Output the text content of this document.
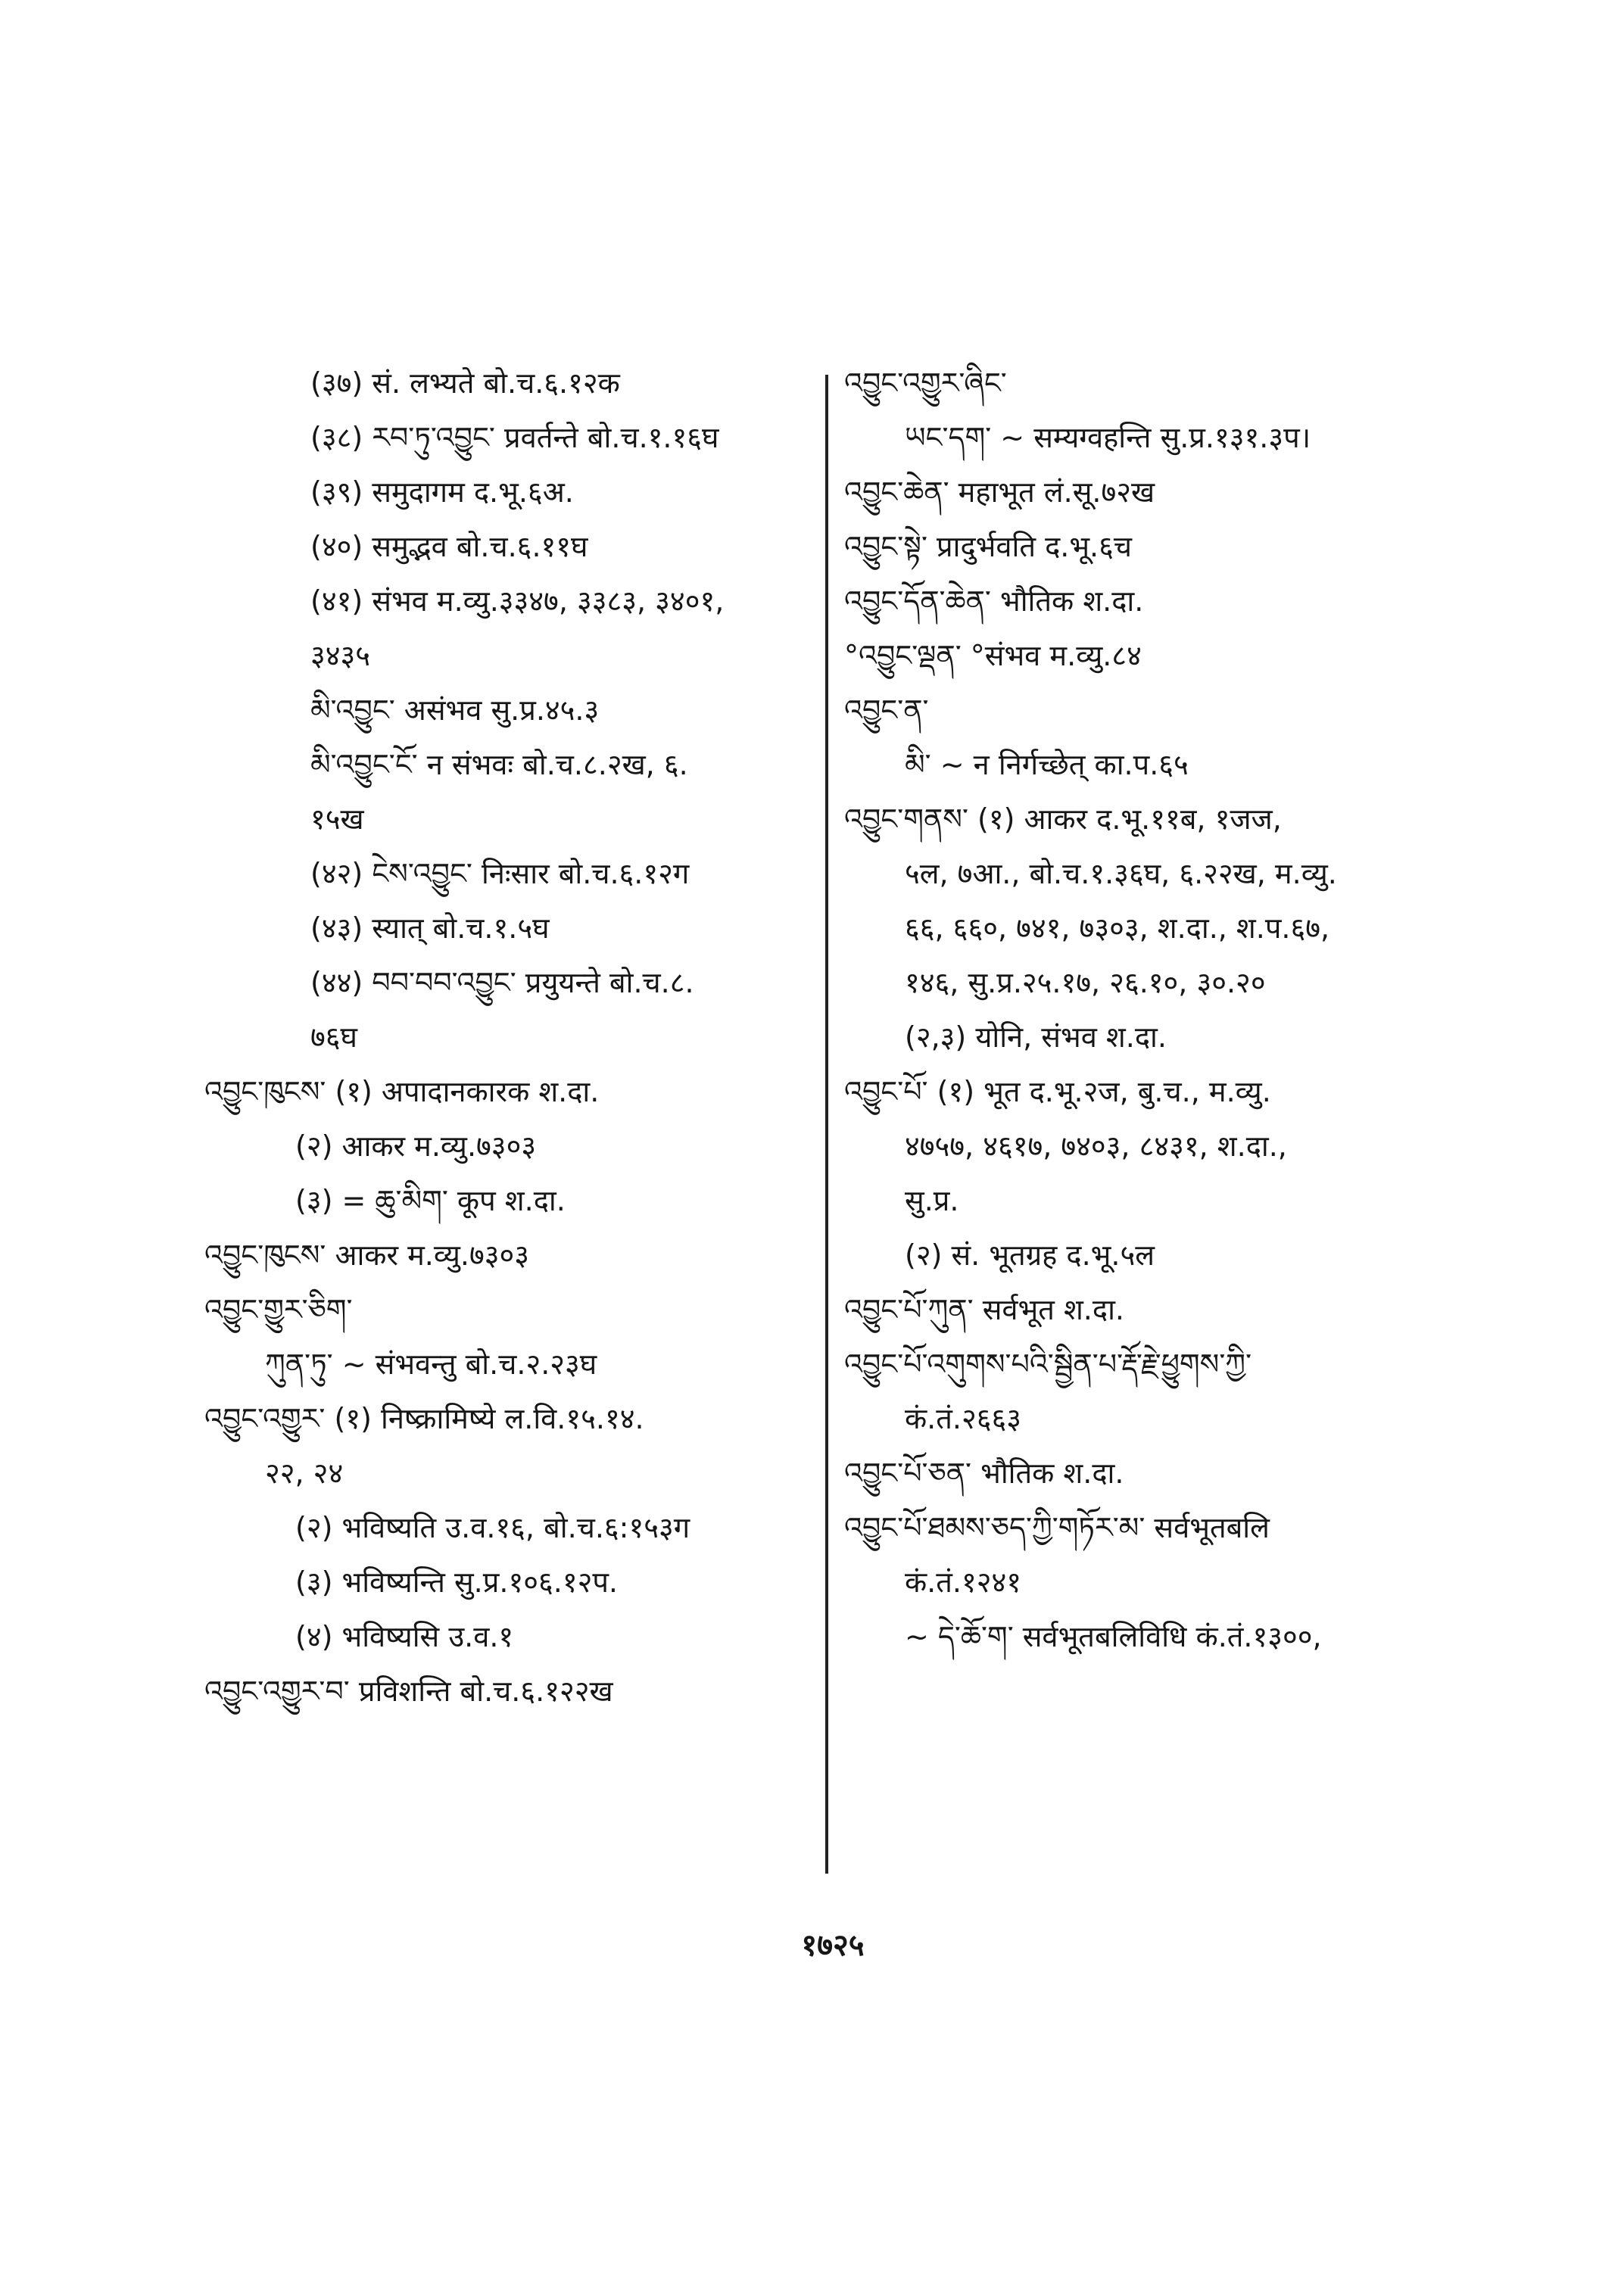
(३७) सं. लभ्यते बो.च.६.१२क
(३८) རབ་ཏུ་འབྱུང་ प्रवर्तन्ते बो.च.१.१६घ
(३९) समुदागम द.भू.६अ.
(४०) समुद्भव बो.च.६.११घ
(४१) संभव म.व्यु.३३४७, ३३८३, ३४०१,
३४३५
མི་འབྱུང་ असंभव सु.प्र.४५.३
མི་འབྱུང་ངོ་ न संभवः बो.च.८.२ख, ६.
१५ख
(४२) ངེས་འབྱུང་ निःसार बो.च.६.१२ग
(४३) स्यात् बो.च.१.५घ
(४४) བབ་བབ་འབྱུང་ प्रयुयन्ते बो.च.८.
७६घ
འབྱུང་ཁུངས་ (१) अपादानकारक श.दा.
(२) आकर म.व्यु.७३०३
(३) = ཆུ་མིག་ कूप श.दा.
འབྱུང་ཁུངས་ आकर म.व्यु.७३०३
འབྱུང་གྱུར་ཅིག་
ཀུན་ཏུ་ ~ संभवन्तु बो.च.२.२३घ
འབྱུང་འགྱུར་ (१) निष्क्रामिष्ये ल.वि.१५.१४.
२२, २४
(२) भविष्यति उ.व.१६, बो.च.६:१५३ग
(३) भविष्यन्ति सु.प्र.१०६.१२प.
(४) भविष्यसि उ.व.१
འབྱུང་འགྱུར་བ་ प्रविशन्ति बो.च.६.१२२ख
འབྱུང་འགྱུར་ཞིང་
ཡང་དག་ ~ सम्यग्वहन्ति सु.प्र.१३१.३प।
འབྱུང་ཆེན་ महाभूत लं.सू.७२ख
འབྱུང་སྟེ་ प्रादुर्भवति द.भू.६च
འབྱུང་དོན་ཆེན་ भौतिक श.दा.
°འབྱུང་ལྡན་ °संभव म.व्यु.८४
འབྱུང་ན་
མི་ ~ न निर्गच्छेत् का.प.६५
འབྱུང་གནས་ (१) आकर द.भू.११ब, १जज,
५ल, ७आ., बो.च.१.३६घ, ६.२२ख, म.व्यु.
६६, ६६०, ७४१, ७३०३, श.दा., श.प.६७,
१४६, सु.प्र.२५.१७, २६.१०, ३०.२०
(२,३) योनि, संभव श.दा.
འབྱུང་པོ་ (१) भूत द.भू.२ज, बु.च., म.व्यु.
४७५७, ४६१७, ७४०३, ८४३१, श.दा.,
सु.प्र.
(२) सं. भूतग्रह द.भू.५ल
འབྱུང་པོ་ཀུན་ सर्वभूत श.दा.
འབྱུང་པོ་འགུགས་པའི་སྦྱིན་པ་རྡོ་རྗེ་ཕྱུགས་ཀྱི་
कं.तं.२६६३
འབྱུང་པོ་ཅན་ भौतिक श.दा.
འབྱུང་པོ་ཐམས་ཅད་ཀྱི་གཏོར་མ་ सर्वभूतबलि
कं.तं.१२४१
~ དེ་ཆོ་ག་ सर्वभूतबलिविधि कं.तं.१३००,
१७२५
